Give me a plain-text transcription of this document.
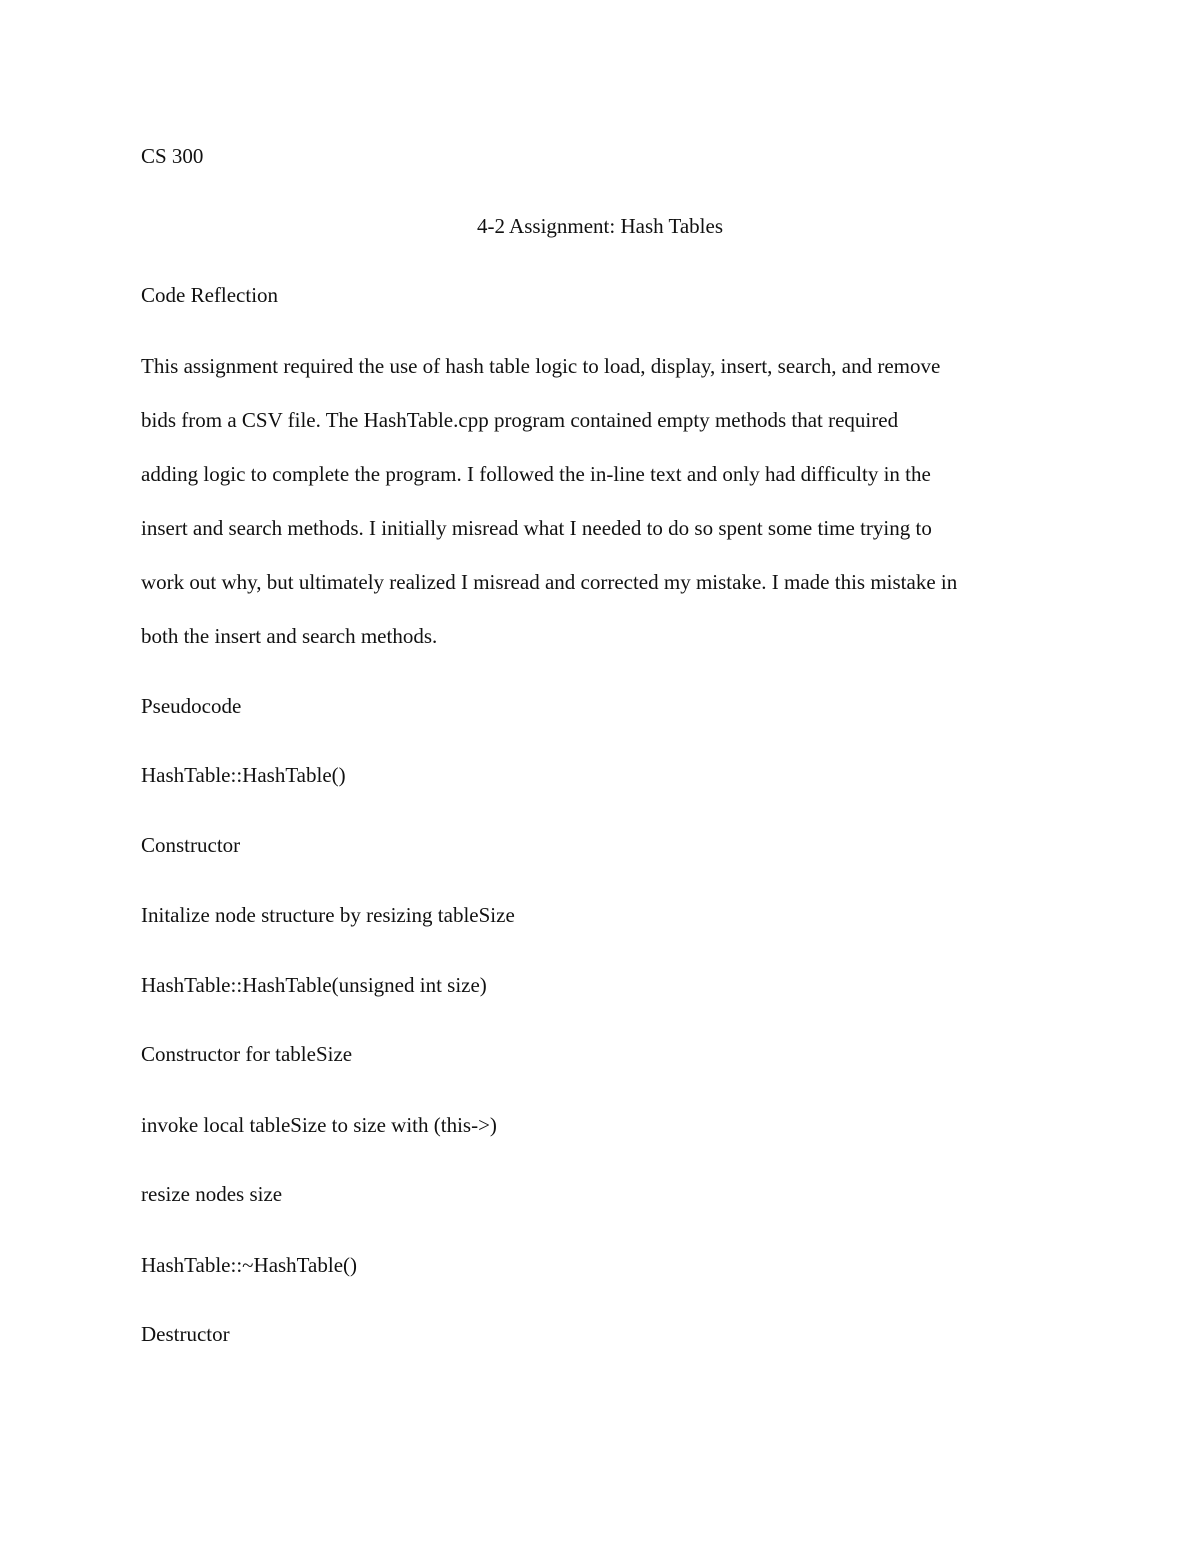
CS 300
4-2 Assignment: Hash Tables
Code Reflection
This assignment required the use of hash table logic to load, display, insert, search, and remove
bids from a CSV file. The HashTable.cpp program contained empty methods that required
adding logic to complete the program. I followed the in-line text and only had difficulty in the
insert and search methods. I initially misread what I needed to do so spent some time trying to
work out why, but ultimately realized I misread and corrected my mistake. I made this mistake in
both the insert and search methods.
Pseudocode
HashTable::HashTable()
Constructor
Initalize node structure by resizing tableSize
HashTable::HashTable(unsigned int size)
Constructor for tableSize
invoke local tableSize to size with (this->)
resize nodes size
HashTable::~HashTable()
Destructor
